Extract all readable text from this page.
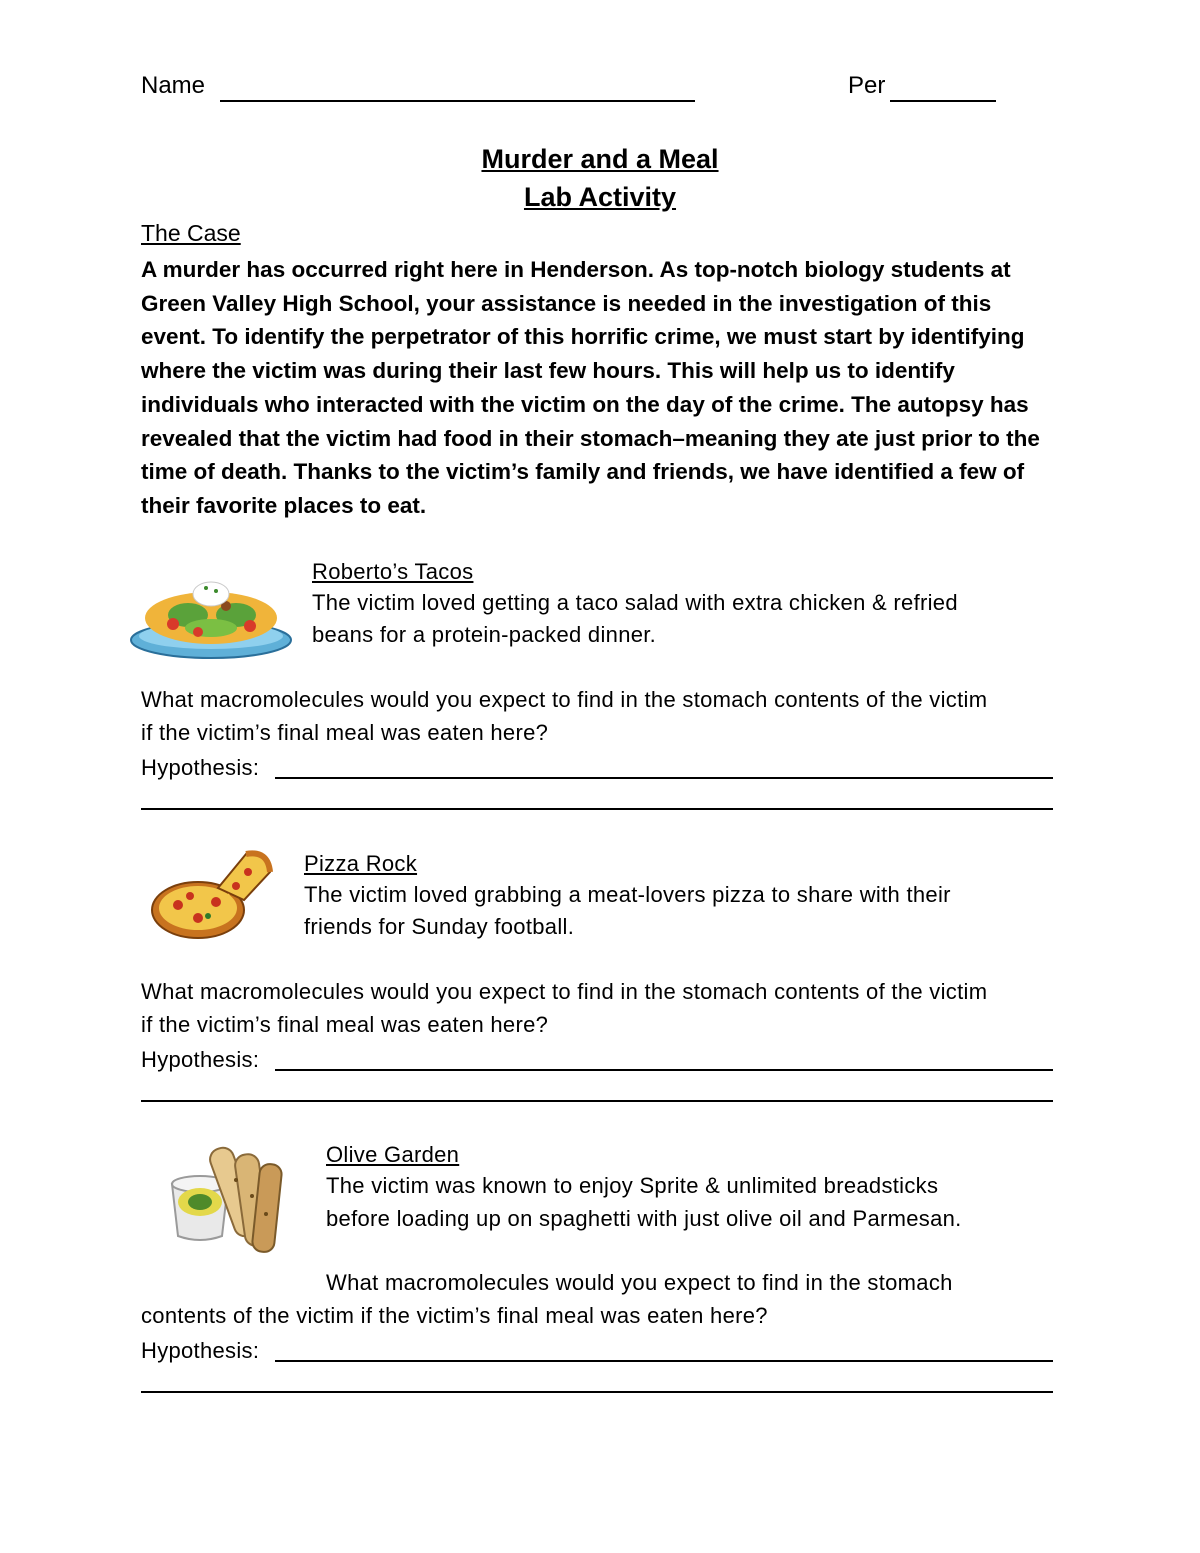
Name	Per
Murder and a Meal
Lab Activity
The Case
A murder has occurred right here in Henderson. As top-notch biology students at Green Valley High School, your assistance is needed in the investigation of this event. To identify the perpetrator of this horrific crime, we must start by identifying where the victim was during their last few hours. This will help us to identify individuals who interacted with the victim on the day of the crime. The autopsy has revealed that the victim had food in their stomach–meaning they ate just prior to the time of death. Thanks to the victim’s family and friends, we have identified a few of their favorite places to eat.
Roberto’s Tacos
The victim loved getting a taco salad with extra chicken & refried
beans for a protein-packed dinner.
What macromolecules would you expect to find in the stomach contents of the victim
if the victim’s final meal was eaten here?
Hypothesis:
Pizza Rock
The victim loved grabbing a meat-lovers pizza to share with their
friends for Sunday football.
What macromolecules would you expect to find in the stomach contents of the victim
if the victim’s final meal was eaten here?
Hypothesis:
Olive Garden
The victim was known to enjoy Sprite & unlimited breadsticks
before loading up on spaghetti with just olive oil and Parmesan.
What macromolecules would you expect to find in the stomach
contents of the victim if the victim’s final meal was eaten here?
Hypothesis:
